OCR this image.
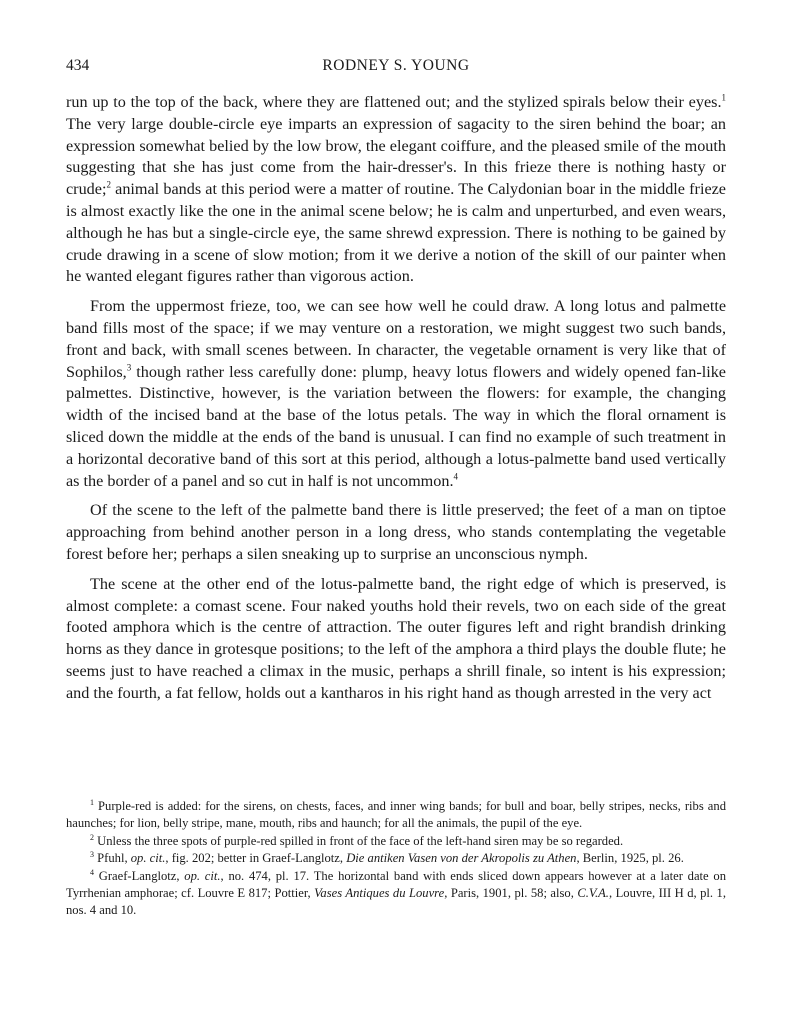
434	RODNEY S. YOUNG

run up to the top of the back, where they are flattened out; and the stylized spirals below their eyes.$^1$ The very large double-circle eye imparts an expression of sagacity to the siren behind the boar; an expression somewhat belied by the low brow, the elegant coiffure, and the pleased smile of the mouth suggesting that she has just come from the hair-dresser's. In this frieze there is nothing hasty or crude;$^2$ animal bands at this period were a matter of routine. The Calydonian boar in the middle frieze is almost exactly like the one in the animal scene below; he is calm and unperturbed, and even wears, although he has but a single-circle eye, the same shrewd expression. There is nothing to be gained by crude drawing in a scene of slow motion; from it we derive a notion of the skill of our painter when he wanted elegant figures rather than vigorous action.

From the uppermost frieze, too, we can see how well he could draw. A long lotus and palmette band fills most of the space; if we may venture on a restoration, we might suggest two such bands, front and back, with small scenes between. In character, the vegetable ornament is very like that of Sophilos,$^3$ though rather less carefully done: plump, heavy lotus flowers and widely opened fan-like palmettes. Distinctive, however, is the variation between the flowers: for example, the changing width of the incised band at the base of the lotus petals. The way in which the floral ornament is sliced down the middle at the ends of the band is unusual. I can find no example of such treatment in a horizontal decorative band of this sort at this period, although a lotus-palmette band used vertically as the border of a panel and so cut in half is not uncommon.$^4$

Of the scene to the left of the palmette band there is little preserved; the feet of a man on tiptoe approaching from behind another person in a long dress, who stands contemplating the vegetable forest before her; perhaps a silen sneaking up to surprise an unconscious nymph.

The scene at the other end of the lotus-palmette band, the right edge of which is preserved, is almost complete: a comast scene. Four naked youths hold their revels, two on each side of the great footed amphora which is the centre of attraction. The outer figures left and right brandish drinking horns as they dance in grotesque positions; to the left of the amphora a third plays the double flute; he seems just to have reached a climax in the music, perhaps a shrill finale, so intent is his expression; and the fourth, a fat fellow, holds out a kantharos in his right hand as though arrested in the very act

$^1$ Purple-red is added: for the sirens, on chests, faces, and inner wing bands; for bull and boar, belly stripes, necks, ribs and haunches; for lion, belly stripe, mane, mouth, ribs and haunch; for all the animals, the pupil of the eye.

$^2$ Unless the three spots of purple-red spilled in front of the face of the left-hand siren may be so regarded.

$^3$ Pfuhl, op. cit., fig. 202; better in Graef-Langlotz, Die antiken Vasen von der Akropolis zu Athen, Berlin, 1925, pl. 26.

$^4$ Graef-Langlotz, op. cit., no. 474, pl. 17. The horizontal band with ends sliced down appears however at a later date on Tyrrhenian amphorae; cf. Louvre E 817; Pottier, Vases Antiques du Louvre, Paris, 1901, pl. 58; also, C.V.A., Louvre, III H d, pl. 1, nos. 4 and 10.
